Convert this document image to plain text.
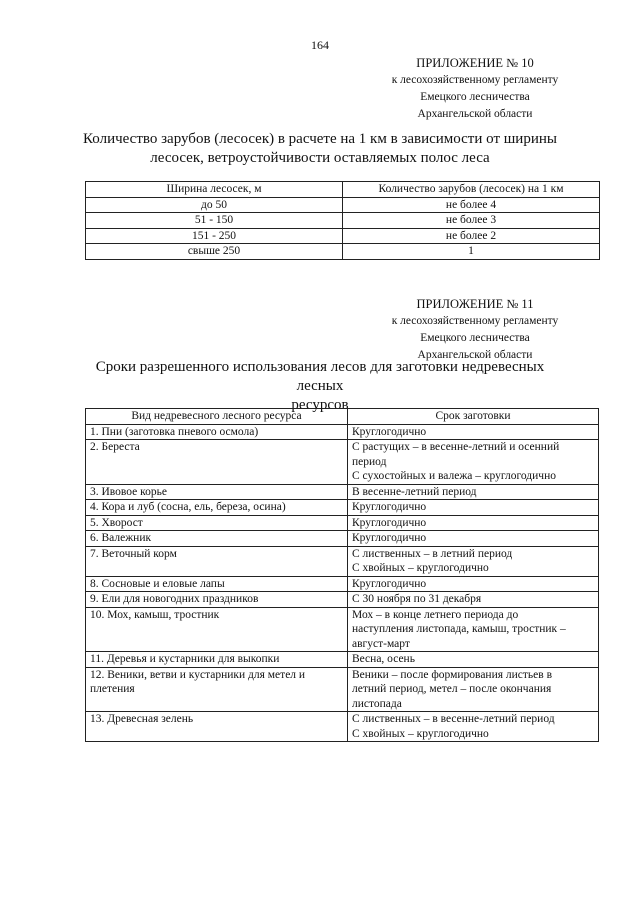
164
ПРИЛОЖЕНИЕ № 10
к лесохозяйственному регламенту
Емецкого лесничества
Архангельской области
Количество зарубов (лесосек) в расчете на 1 км в зависимости от ширины
лесосек, ветроустойчивости оставляемых полос леса
Ширина лесосек, м	Количество зарубов (лесосек) на 1 км
до 50	не более 4
51 - 150	не более 3
151 - 250	не более 2
свыше 250	1
ПРИЛОЖЕНИЕ № 11
к лесохозяйственному регламенту
Емецкого лесничества
Архангельской области
Сроки разрешенного использования лесов для заготовки недревесных лесных
ресурсов
Вид недревесного лесного ресурса	Срок заготовки
1. Пни (заготовка пневого осмола)	Круглогодично

2. Береста	С растущих – в весенне-летний и осенний
период
С сухостойных и валежа – круглогодично

3. Ивовое корье	В весенне-летний период

4. Кора и луб (сосна, ель, береза, осина)	Круглогодично

5. Хворост	Круглогодично

6. Валежник	Круглогодично

7. Веточный корм	С лиственных – в летний период
С хвойных – круглогодично

8. Сосновые и еловые лапы	Круглогодично

9. Ели для новогодних праздников	С 30 ноября по 31 декабря

10. Мох, камыш, тростник	Мох – в конце летнего периода до
наступления листопада, камыш, тростник –
август-март

11. Деревья и кустарники для выкопки	Весна, осень

12. Веники, ветви и кустарники для метел и плетения	Веники – после формирования листьев в
летний период, метел – после окончания
листопада

13. Древесная зелень	С лиственных – в весенне-летний период
С хвойных – круглогодично
